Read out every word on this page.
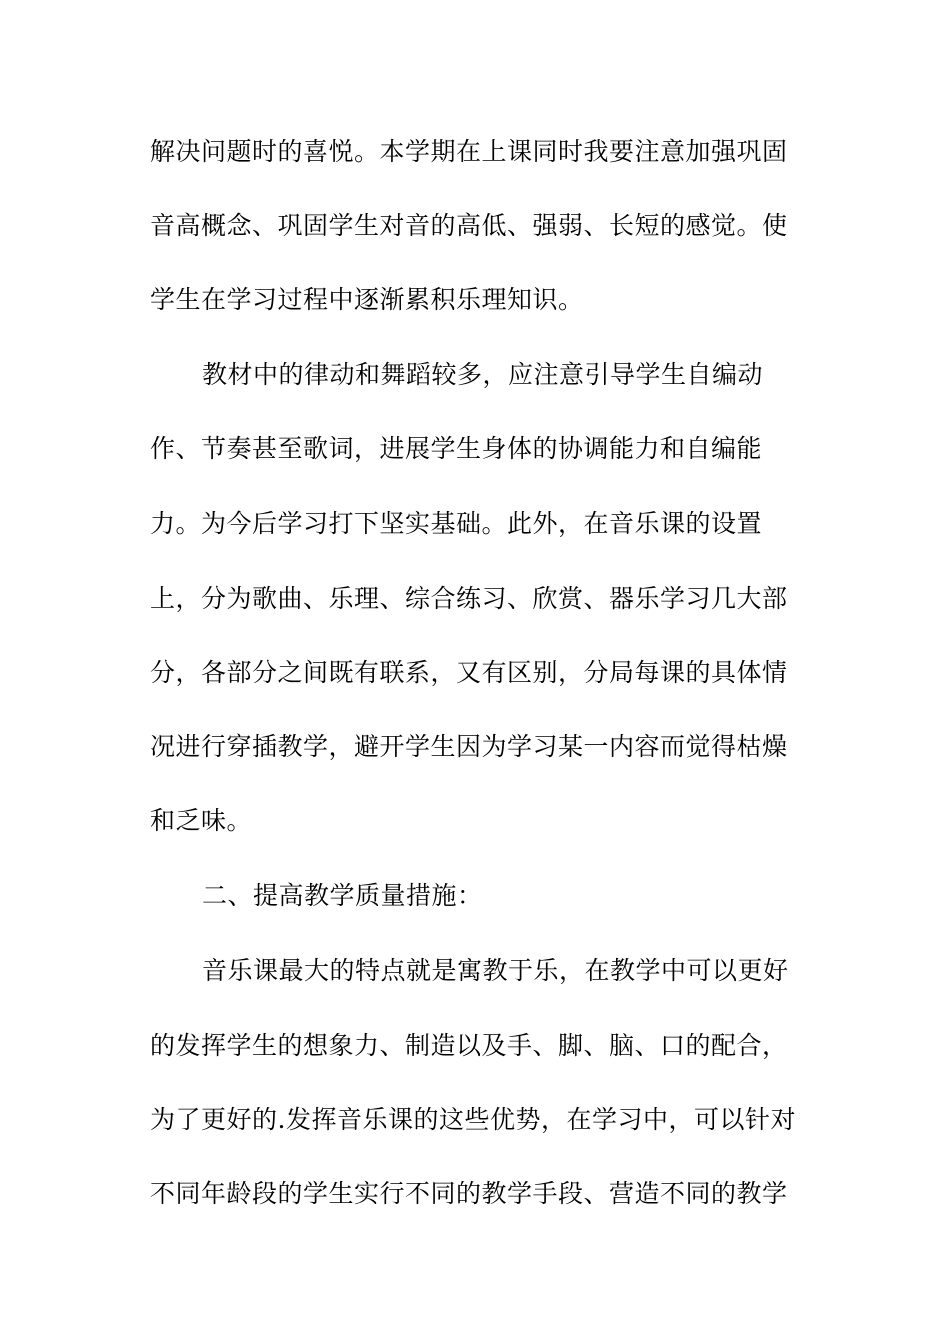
解决问题时的喜悦。本学期在上课同时我要注意加强巩固
音高概念、巩固学生对音的高低、强弱、长短的感觉。使
学生在学习过程中逐渐累积乐理知识。
教材中的律动和舞蹈较多，应注意引导学生自编动
作、节奏甚至歌词，进展学生身体的协调能力和自编能
力。为今后学习打下坚实基础。此外，在音乐课的设置
上，分为歌曲、乐理、综合练习、欣赏、器乐学习几大部
分，各部分之间既有联系，又有区别，分局每课的具体情
况进行穿插教学，避开学生因为学习某一内容而觉得枯燥
和乏味。
二、提高教学质量措施：
音乐课最大的特点就是寓教于乐，在教学中可以更好
的发挥学生的想象力、制造以及手、脚、脑、口的配合，
为了更好的.发挥音乐课的这些优势，在学习中，可以针对
不同年龄段的学生实行不同的教学手段、营造不同的教学
